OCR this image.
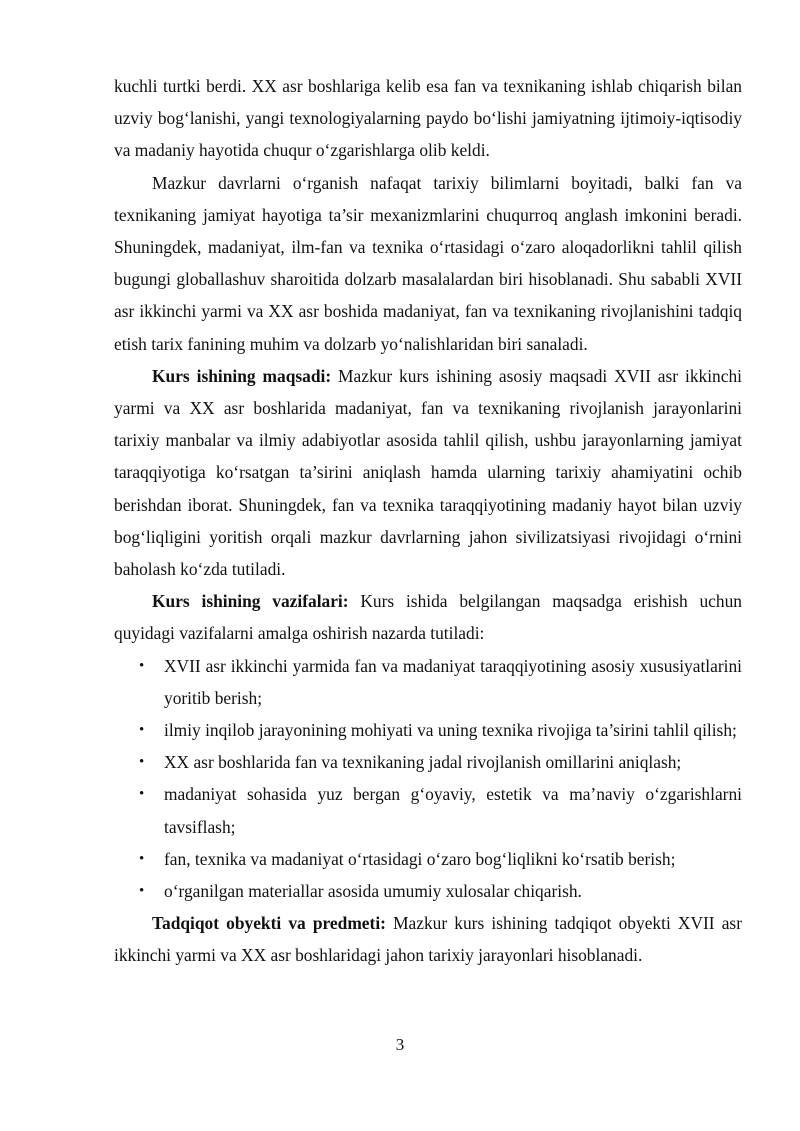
kuchli turtki berdi. XX asr boshlariga kelib esa fan va texnikaning ishlab chiqarish bilan uzviy bog‘lanishi, yangi texnologiyalarning paydo bo‘lishi jamiyatning ijtimoiy-iqtisodiy va madaniy hayotida chuqur o‘zgarishlarga olib keldi.

Mazkur davrlarni o‘rganish nafaqat tarixiy bilimlarni boyitadi, balki fan va texnikaning jamiyat hayotiga ta’sir mexanizmlarini chuqurroq anglash imkonini beradi. Shuningdek, madaniyat, ilm-fan va texnika o‘rtasidagi o‘zaro aloqadorlikni tahlil qilish bugungi globallashuv sharoitida dolzarb masalalardan biri hisoblanadi. Shu sababli XVII asr ikkinchi yarmi va XX asr boshida madaniyat, fan va texnikaning rivojlanishini tadqiq etish tarix fanining muhim va dolzarb yo‘nalishlaridan biri sanaladi.

Kurs ishining maqsadi: Mazkur kurs ishining asosiy maqsadi XVII asr ikkinchi yarmi va XX asr boshlarida madaniyat, fan va texnikaning rivojlanish jarayonlarini tarixiy manbalar va ilmiy adabiyotlar asosida tahlil qilish, ushbu jarayonlarning jamiyat taraqqiyotiga ko‘rsatgan ta’sirini aniqlash hamda ularning tarixiy ahamiyatini ochib berishdan iborat. Shuningdek, fan va texnika taraqqiyotining madaniy hayot bilan uzviy bog‘liqligini yoritish orqali mazkur davrlarning jahon sivilizatsiyasi rivojidagi o‘rnini baholash ko‘zda tutiladi.

Kurs ishining vazifalari: Kurs ishida belgilangan maqsadga erishish uchun quyidagi vazifalarni amalga oshirish nazarda tutiladi:

• XVII asr ikkinchi yarmida fan va madaniyat taraqqiyotining asosiy xususiyatlarini yoritib berish;
• ilmiy inqilob jarayonining mohiyati va uning texnika rivojiga ta’sirini tahlil qilish;
• XX asr boshlarida fan va texnikaning jadal rivojlanish omillarini aniqlash;
• madaniyat sohasida yuz bergan g‘oyaviy, estetik va ma’naviy o‘zgarishlarni tavsiflash;
• fan, texnika va madaniyat o‘rtasidagi o‘zaro bog‘liqlikni ko‘rsatib berish;
• o‘rganilgan materiallar asosida umumiy xulosalar chiqarish.

Tadqiqot obyekti va predmeti: Mazkur kurs ishining tadqiqot obyekti XVII asr ikkinchi yarmi va XX asr boshlaridagi jahon tarixiy jarayonlari hisoblanadi.

3
